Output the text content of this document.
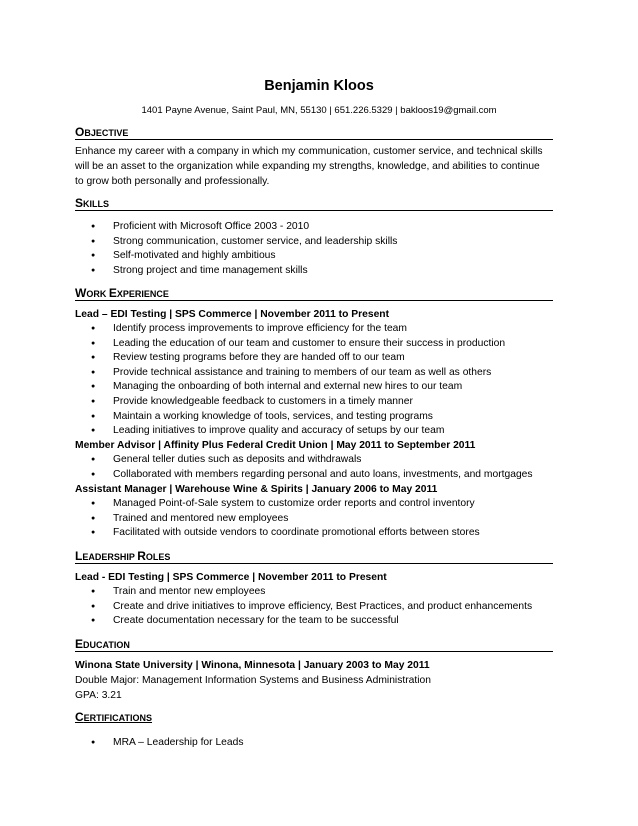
Benjamin Kloos
1401 Payne Avenue, Saint Paul, MN, 55130 | 651.226.5329 | bakloos19@gmail.com
OBJECTIVE
Enhance my career with a company in which my communication, customer service, and technical skills
will be an asset to the organization while expanding my strengths, knowledge, and abilities to continue
to grow both personally and professionally.
SKILLS
● Proficient with Microsoft Office 2003 - 2010
● Strong communication, customer service, and leadership skills
● Self-motivated and highly ambitious
● Strong project and time management skills
WORK EXPERIENCE
Lead – EDI Testing | SPS Commerce | November 2011 to Present
● Identify process improvements to improve efficiency for the team
● Leading the education of our team and customer to ensure their success in production
● Review testing programs before they are handed off to our team
● Provide technical assistance and training to members of our team as well as others
● Managing the onboarding of both internal and external new hires to our team
● Provide knowledgeable feedback to customers in a timely manner
● Maintain a working knowledge of tools, services, and testing programs
● Leading initiatives to improve quality and accuracy of setups by our team
Member Advisor | Affinity Plus Federal Credit Union | May 2011 to September 2011
● General teller duties such as deposits and withdrawals
● Collaborated with members regarding personal and auto loans, investments, and mortgages
Assistant Manager | Warehouse Wine & Spirits | January 2006 to May 2011
● Managed Point-of-Sale system to customize order reports and control inventory
● Trained and mentored new employees
● Facilitated with outside vendors to coordinate promotional efforts between stores
LEADERSHIP ROLES
Lead - EDI Testing | SPS Commerce | November 2011 to Present
● Train and mentor new employees
● Create and drive initiatives to improve efficiency, Best Practices, and product enhancements
● Create documentation necessary for the team to be successful
EDUCATION
Winona State University | Winona, Minnesota | January 2003 to May 2011
Double Major: Management Information Systems and Business Administration
GPA: 3.21
CERTIFICATIONS
● MRA – Leadership for Leads
